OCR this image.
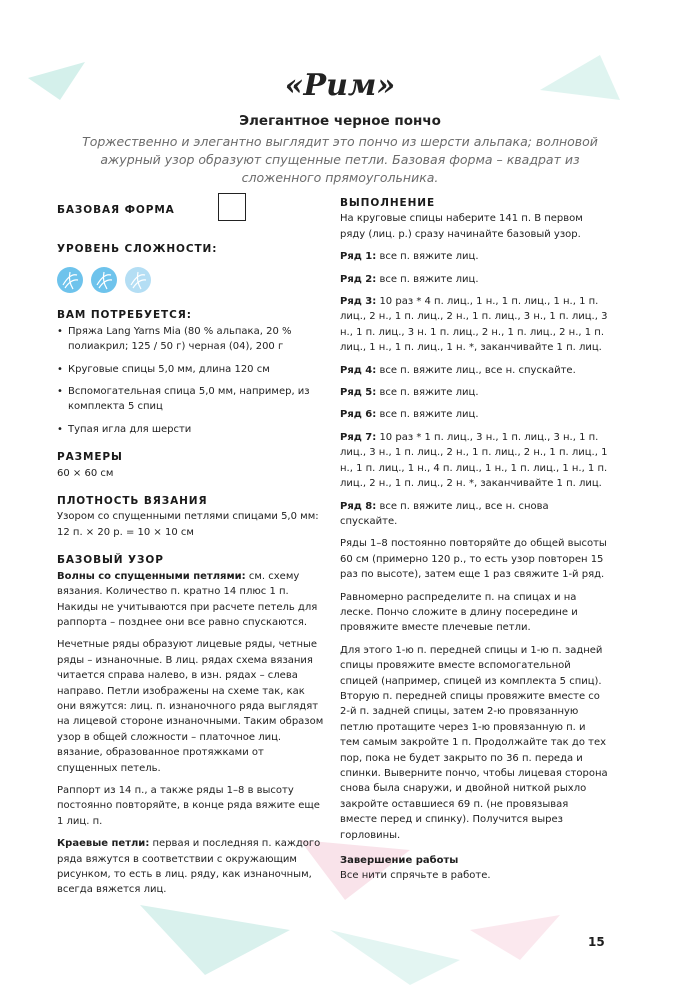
«Рим»
Элегантное черное пончо
Торжественно и элегантно выглядит это пончо из шерсти альпака; волновой ажурный узор образуют спущенные петли. Базовая форма – квадрат из сложенного прямоугольника.
БАЗОВАЯ ФОРМА
УРОВЕНЬ СЛОЖНОСТИ:

ВАМ ПОТРЕБУЕТСЯ:

• Пряжа Lang Yarns Mia (80 % альпака, 20 % полиакрил; 125 / 50 г) черная (04), 200 г

• Круговые спицы 5,0 мм, длина 120 см

• Вспомогательная спица 5,0 мм, например, из комплекта 5 спиц

• Тупая игла для шерсти

РАЗМЕРЫ

60 × 60 см

ПЛОТНОСТЬ ВЯЗАНИЯ

Узором со спущенными петлями спицами 5,0 мм: 12 п. × 20 р. = 10 × 10 см

БАЗОВЫЙ УЗОР

Волны со спущенными петлями: см. схему вязания. Количество п. кратно 14 плюс 1 п. Накиды не учитываются при расчете петель для раппорта – позднее они все равно спускаются.

Нечетные ряды образуют лицевые ряды, четные ряды – изнаночные. В лиц. рядах схема вязания читается справа налево, в изн. рядах – слева направо. Петли изображены на схеме так, как они вяжутся: лиц. п. изнаночного ряда выглядят на лицевой стороне изнаночными. Таким образом узор в общей сложности – платочное лиц. вязание, образованное протяжками от спущенных петель.

Раппорт из 14 п., а также ряды 1–8 в высоту постоянно повторяйте, в конце ряда вяжите еще 1 лиц. п.

Краевые петли: первая и последняя п. каждого ряда вяжутся в соответствии с окружающим рисунком, то есть в лиц. ряду, как изнаночным, всегда вяжется лиц.

ВЫПОЛНЕНИЕ

На круговые спицы наберите 141 п. В первом ряду (лиц. р.) сразу начинайте базовый узор.

Ряд 1: все п. вяжите лиц.

Ряд 2: все п. вяжите лиц.

Ряд 3: 10 раз * 4 п. лиц., 1 н., 1 п. лиц., 1 н., 1 п. лиц., 2 н., 1 п. лиц., 2 н., 1 п. лиц., 3 н., 1 п. лиц., 3 н., 1 п. лиц., 3 н. 1 п. лиц., 2 н., 1 п. лиц., 2 н., 1 п. лиц., 1 н., 1 п. лиц., 1 н. *, заканчивайте 1 п. лиц.

Ряд 4: все п. вяжите лиц., все н. спускайте.

Ряд 5: все п. вяжите лиц.

Ряд 6: все п. вяжите лиц.

Ряд 7: 10 раз * 1 п. лиц., 3 н., 1 п. лиц., 3 н., 1 п. лиц., 3 н., 1 п. лиц., 2 н., 1 п. лиц., 2 н., 1 п. лиц., 1 н., 1 п. лиц., 1 н., 4 п. лиц., 1 н., 1 п. лиц., 1 н., 1 п. лиц., 2 н., 1 п. лиц., 2 н. *, заканчивайте 1 п. лиц.

Ряд 8: все п. вяжите лиц., все н. снова спускайте.

Ряды 1–8 постоянно повторяйте до общей высоты 60 см (примерно 120 р., то есть узор повторен 15 раз по высоте), затем еще 1 раз свяжите 1-й ряд.

Равномерно распределите п. на спицах и на леске. Пончо сложите в длину посередине и провяжите вместе плечевые петли.

Для этого 1-ю п. передней спицы и 1-ю п. задней спицы провяжите вместе вспомогательной спицей (например, спицей из комплекта 5 спиц). Вторую п. передней спицы провяжите вместе со 2-й п. задней спицы, затем 2-ю провязанную петлю протащите через 1-ю провязанную п. и тем самым закройте 1 п. Продолжайте так до тех пор, пока не будет закрыто по 36 п. переда и спинки. Выверните пончо, чтобы лицевая сторона снова была снаружи, и двойной ниткой рыхло закройте оставшиеся 69 п. (не провязывая вместе перед и спинку). Получится вырез горловины.

Завершение работы

Все нити спрячьте в работе.

15
